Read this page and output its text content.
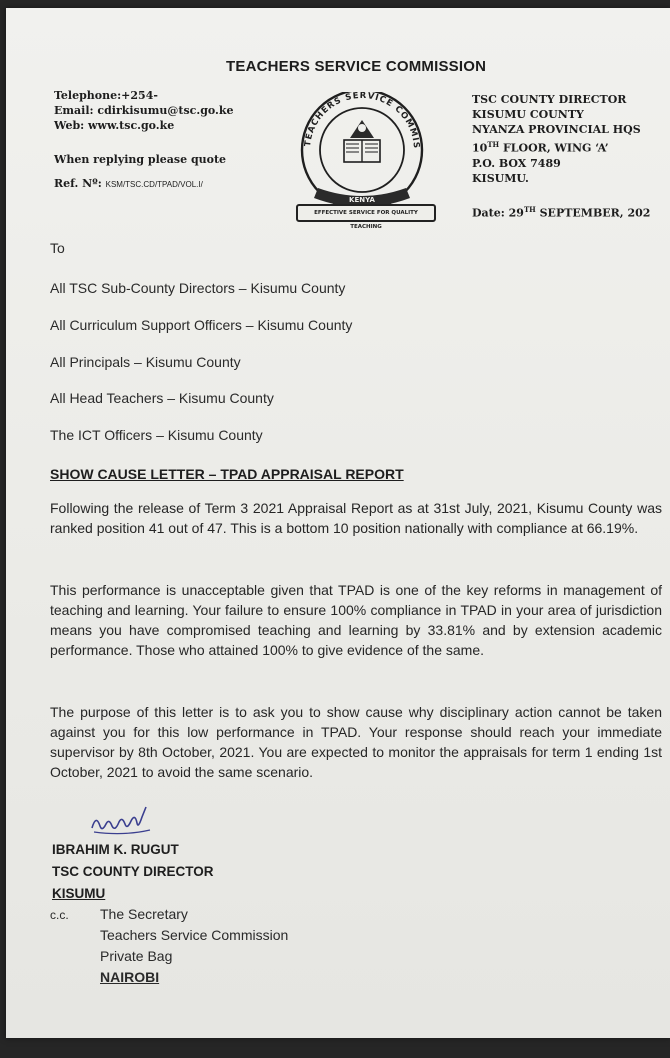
TEACHERS SERVICE COMMISSION
Telephone:+254-
Email: cdirkisumu@tsc.go.ke
Web: www.tsc.go.ke
When replying please quote
Ref. Nº: KSM/TSC.CD/TPAD/VOL.I/
TEACHERS SERVICE COMMIS
KENYA
EFFECTIVE SERVICE FOR QUALITY TEACHING
TSC COUNTY DIRECTOR
KISUMU COUNTY
NYANZA PROVINCIAL HQS
10TH FLOOR, WING ‘A’
P.O. BOX 7489
KISUMU.
Date: 29TH SEPTEMBER, 202
To
All TSC Sub-County Directors – Kisumu County
All Curriculum Support Officers – Kisumu County
All Principals – Kisumu County
All Head Teachers – Kisumu County
The ICT Officers – Kisumu County
SHOW CAUSE LETTER – TPAD APPRAISAL REPORT
Following the release of Term 3 2021 Appraisal Report as at 31st July, 2021, Kisumu County was ranked position 41 out of 47. This is a bottom 10 position nationally with compliance at 66.19%.
This performance is unacceptable given that TPAD is one of the key reforms in management of teaching and learning. Your failure to ensure 100% compliance in TPAD in your area of jurisdiction means you have compromised teaching and learning by 33.81% and by extension academic performance. Those who attained 100% to give evidence of the same.
The purpose of this letter is to ask you to show cause why disciplinary action cannot be taken against you for this low performance in TPAD. Your response should reach your immediate supervisor by 8th October, 2021. You are expected to monitor the appraisals for term 1 ending 1st October, 2021 to avoid the same scenario.
IBRAHIM K. RUGUT
TSC COUNTY DIRECTOR
KISUMU
c.c. The Secretary
Teachers Service Commission
Private Bag
NAIROBI
